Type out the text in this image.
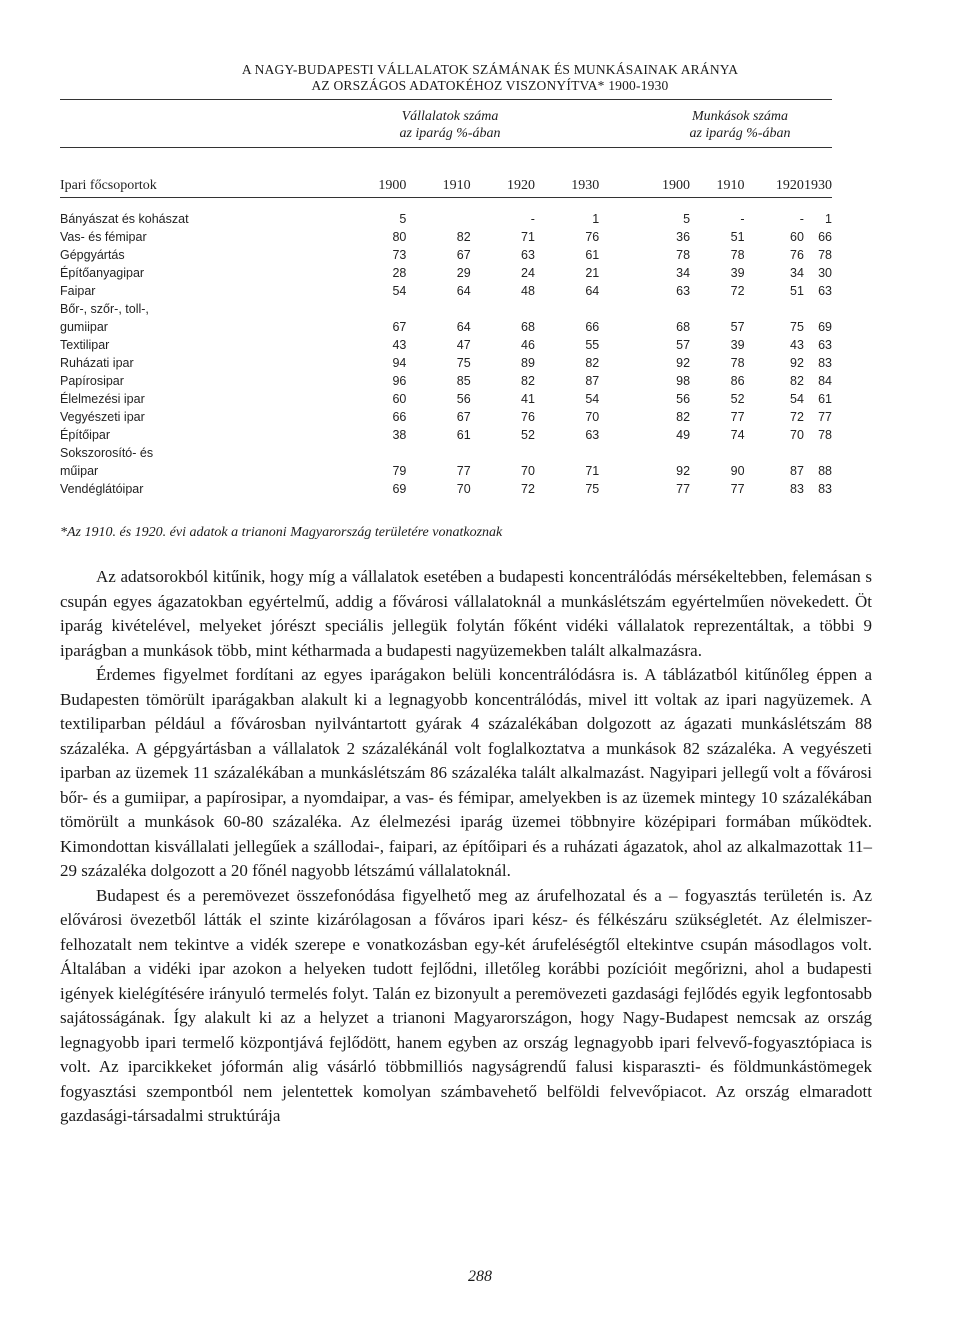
A NAGY-BUDAPESTI VÁLLALATOK SZÁMÁNAK ÉS MUNKÁSAINAK ARÁNYA
AZ ORSZÁGOS ADATOKÉHOZ VISZONYÍTVA* 1900-1930
Vállalatok száma
az iparág %-ában
Munkások száma
az iparág %-ában
Ipari főcsoportok	1900	1910	1920	1930	1900	1910	1920	1930

Bányászat és kohászat	5		-	1	5	-	-	1
Vas- és fémipar	80	82	71	76	36	51	60	66
Gépgyártás	73	67	63	61	78	78	76	78
Építőanyagipar	28	29	24	21	34	39	34	30
Faipar	54	64	48	64	63	72	51	63
Bőr-, szőr-, toll-,								
gumiipar	67	64	68	66	68	57	75	69
Textilipar	43	47	46	55	57	39	43	63
Ruházati ipar	94	75	89	82	92	78	92	83
Papírosipar	96	85	82	87	98	86	82	84
Élelmezési ipar	60	56	41	54	56	52	54	61
Vegyészeti ipar	66	67	76	70	82	77	72	77
Építőipar	38	61	52	63	49	74	70	78
Sokszorosító- és								
műipar	79	77	70	71	92	90	87	88
Vendéglátóipar	69	70	72	75	77	77	83	83
*Az 1910. és 1920. évi adatok a trianoni Magyarország területére vonatkoznak

Az adatsorokból kitűnik, hogy míg a vállalatok esetében a budapesti koncentrálódás mérsékeltebben, felemásan s csupán egyes ágazatokban egyértelmű, addig a fővárosi vállalatoknál a munkáslétszám egyértelműen növekedett. Öt iparág kivételével, melyeket jórészt speciális jellegük folytán főként vidéki vállalatok reprezentáltak, a többi 9 iparágban a munkások több, mint kétharmada a budapesti nagyüzemekben talált alkalmazásra.

Érdemes figyelmet fordítani az egyes iparágakon belüli koncentrálódásra is. A táblázatból kitűnőleg éppen a Budapesten tömörült iparágakban alakult ki a legnagyobb koncentrálódás, mivel itt voltak az ipari nagyüzemek. A textiliparban például a fővárosban nyilvántartott gyárak 4 százalékában dolgozott az ágazati munkáslétszám 88 százaléka. A gépgyártásban a vállalatok 2 százalékánál volt foglalkoztatva a munkások 82 százaléka. A vegyészeti iparban az üzemek 11 százalékában a munkáslétszám 86 százaléka talált alkalmazást. Nagyipari jellegű volt a fővárosi bőr- és a gumiipar, a papírosipar, a nyomdaipar, a vas- és fémipar, amelyekben is az üzemek mintegy 10 százalékában tömörült a munkások 60-80 százaléka. Az élelmezési iparág üzemei többnyire középipari formában működtek. Kimondottan kisvállalati jellegűek a szállodai-, faipari, az építőipari és a ruházati ágazatok, ahol az alkalmazottak 11–29 százaléka dolgozott a 20 főnél nagyobb létszámú vállalatoknál.

Budapest és a peremövezet összefonódása figyelhető meg az árufelhozatal és a – fogyasztás területén is. Az elővárosi övezetből látták el szinte kizárólagosan a főváros ipari kész- és félkészáru szükségletét. Az élelmiszer-felhozatalt nem tekintve a vidék szerepe e vonatkozásban egy-két árufeléségtől eltekintve csupán másodlagos volt. Általában a vidéki ipar azokon a helyeken tudott fejlődni, illetőleg korábbi pozícióit megőrizni, ahol a budapesti igények kielégítésére irányuló termelés folyt. Talán ez bizonyult a peremövezeti gazdasági fejlődés egyik legfontosabb sajátosságának. Így alakult ki az a helyzet a trianoni Magyarországon, hogy Nagy-Budapest nemcsak az ország legnagyobb ipari termelő központjává fejlődött, hanem egyben az ország legnagyobb ipari felvevő-fogyasztópiaca is volt. Az iparcikkeket jóformán alig vásárló többmilliós nagyságrendű falusi kisparaszti- és földmunkástömegek fogyasztási szempontból nem jelentettek komolyan számbavehető belföldi felvevőpiacot. Az ország elmaradott gazdasági-társadalmi struktúrája

288
